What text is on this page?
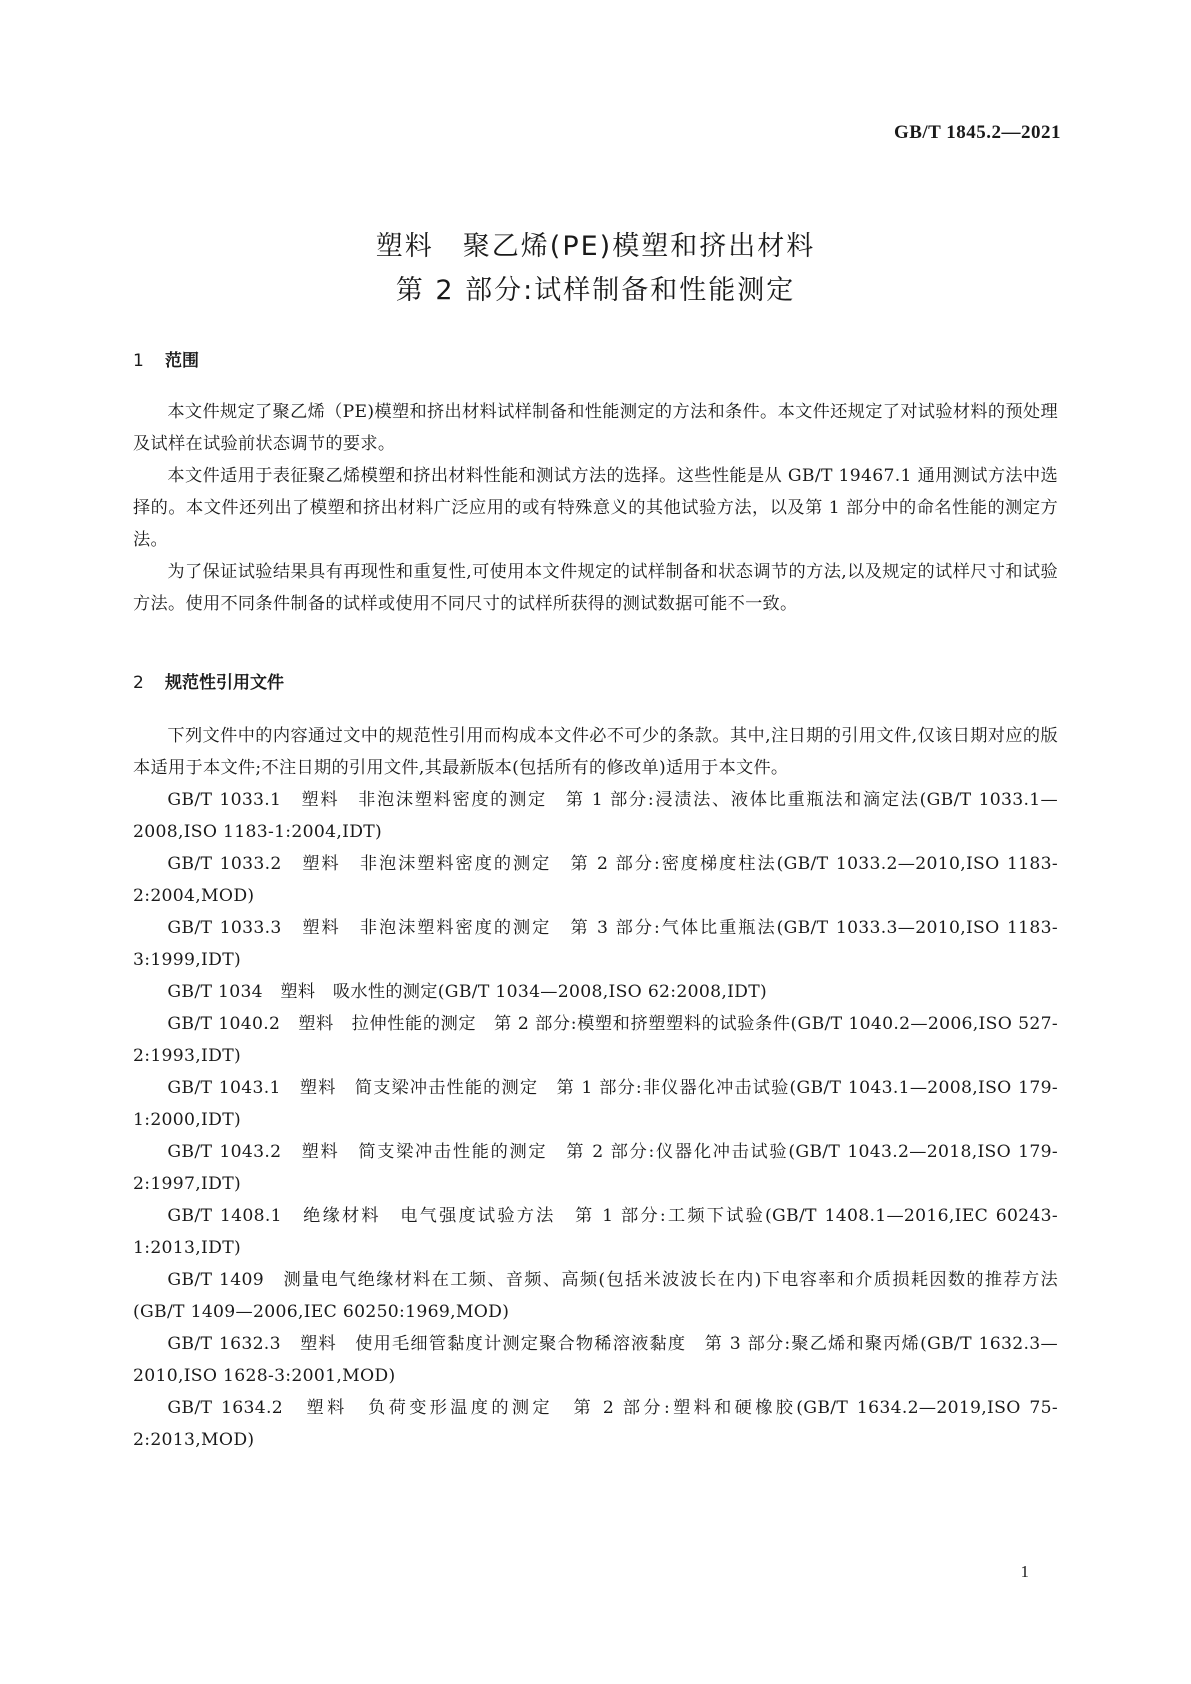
GB/T 1845.2—2021
塑料　聚乙烯(PE)模塑和挤出材料
第 2 部分:试样制备和性能测定
1 范围

本文件规定了聚乙烯（PE)模塑和挤出材料试样制备和性能测定的方法和条件。本文件还规定了对试验材料的预处理及试样在试验前状态调节的要求。

本文件适用于表征聚乙烯模塑和挤出材料性能和测试方法的选择。这些性能是从 GB/T 19467.1 通用测试方法中选择的。本文件还列出了模塑和挤出材料广泛应用的或有特殊意义的其他试验方法，以及第 1 部分中的命名性能的测定方法。

为了保证试验结果具有再现性和重复性,可使用本文件规定的试样制备和状态调节的方法,以及规定的试样尺寸和试验方法。使用不同条件制备的试样或使用不同尺寸的试样所获得的测试数据可能不一致。

2 规范性引用文件

下列文件中的内容通过文中的规范性引用而构成本文件必不可少的条款。其中,注日期的引用文件,仅该日期对应的版本适用于本文件;不注日期的引用文件,其最新版本(包括所有的修改单)适用于本文件。

GB/T 1033.1　塑料　非泡沫塑料密度的测定　第 1 部分:浸渍法、液体比重瓶法和滴定法(GB/T 1033.1—2008,ISO 1183-1:2004,IDT)

GB/T 1033.2　塑料　非泡沫塑料密度的测定　第 2 部分:密度梯度柱法(GB/T 1033.2—2010,ISO 1183-2:2004,MOD)

GB/T 1033.3　塑料　非泡沫塑料密度的测定　第 3 部分:气体比重瓶法(GB/T 1033.3—2010,ISO 1183-3:1999,IDT)

GB/T 1034　塑料　吸水性的测定(GB/T 1034—2008,ISO 62:2008,IDT)

GB/T 1040.2　塑料　拉伸性能的测定　第 2 部分:模塑和挤塑塑料的试验条件(GB/T 1040.2—2006,ISO 527-2:1993,IDT)

GB/T 1043.1　塑料　简支梁冲击性能的测定　第 1 部分:非仪器化冲击试验(GB/T 1043.1—2008,ISO 179-1:2000,IDT)

GB/T 1043.2　塑料　简支梁冲击性能的测定　第 2 部分:仪器化冲击试验(GB/T 1043.2—2018,ISO 179-2:1997,IDT)

GB/T 1408.1　绝缘材料　电气强度试验方法　第 1 部分:工频下试验(GB/T 1408.1—2016,IEC 60243-1:2013,IDT)

GB/T 1409　测量电气绝缘材料在工频、音频、高频(包括米波波长在内)下电容率和介质损耗因数的推荐方法(GB/T 1409—2006,IEC 60250:1969,MOD)

GB/T 1632.3　塑料　使用毛细管黏度计测定聚合物稀溶液黏度　第 3 部分:聚乙烯和聚丙烯(GB/T 1632.3—2010,ISO 1628-3:2001,MOD)

GB/T 1634.2　塑料　负荷变形温度的测定　第 2 部分:塑料和硬橡胶(GB/T 1634.2—2019,ISO 75-2:2013,MOD)

1
